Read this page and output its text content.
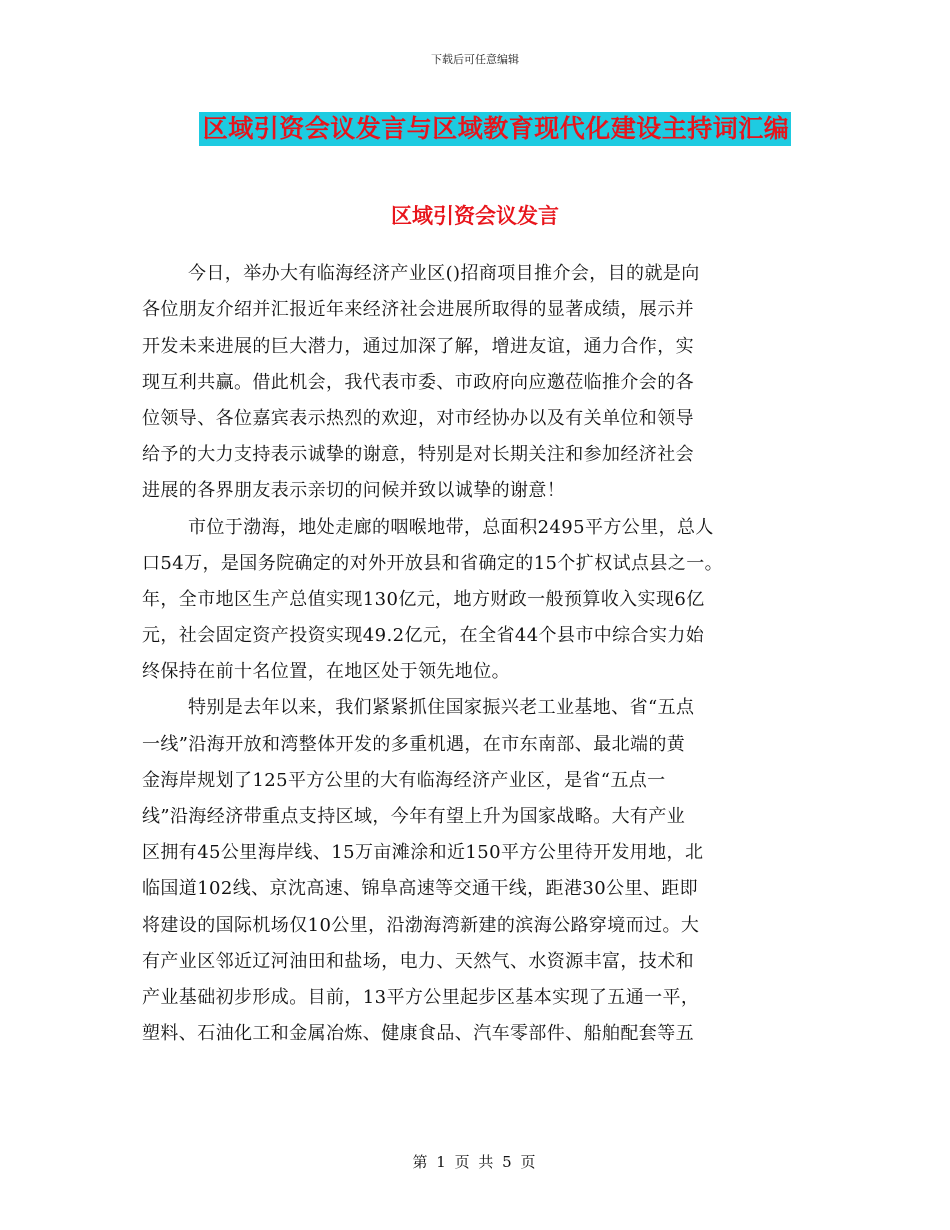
下载后可任意编辑
区域引资会议发言与区域教育现代化建设主持词汇编
区域引资会议发言
今日，举办大有临海经济产业区()招商项目推介会，目的就是向
各位朋友介绍并汇报近年来经济社会进展所取得的显著成绩，展示并
开发未来进展的巨大潜力，通过加深了解，增进友谊，通力合作，实
现互利共赢。借此机会，我代表市委、市政府向应邀莅临推介会的各
位领导、各位嘉宾表示热烈的欢迎，对市经协办以及有关单位和领导
给予的大力支持表示诚挚的谢意，特别是对长期关注和参加经济社会
进展的各界朋友表示亲切的问候并致以诚挚的谢意！
市位于渤海，地处走廊的咽喉地带，总面积2495平方公里，总人
口54万，是国务院确定的对外开放县和省确定的15个扩权试点县之一。
年，全市地区生产总值实现130亿元，地方财政一般预算收入实现6亿
元，社会固定资产投资实现49.2亿元，在全省44个县市中综合实力始
终保持在前十名位置，在地区处于领先地位。
特别是去年以来，我们紧紧抓住国家振兴老工业基地、省“五点
一线”沿海开放和湾整体开发的多重机遇，在市东南部、最北端的黄
金海岸规划了125平方公里的大有临海经济产业区，是省“五点一
线”沿海经济带重点支持区域，今年有望上升为国家战略。大有产业
区拥有45公里海岸线、15万亩滩涂和近150平方公里待开发用地，北
临国道102线、京沈高速、锦阜高速等交通干线，距港30公里、距即
将建设的国际机场仅10公里，沿渤海湾新建的滨海公路穿境而过。大
有产业区邻近辽河油田和盐场，电力、天然气、水资源丰富，技术和
产业基础初步形成。目前，13平方公里起步区基本实现了五通一平，
塑料、石油化工和金属冶炼、健康食品、汽车零部件、船舶配套等五
第 1 页 共 5 页
